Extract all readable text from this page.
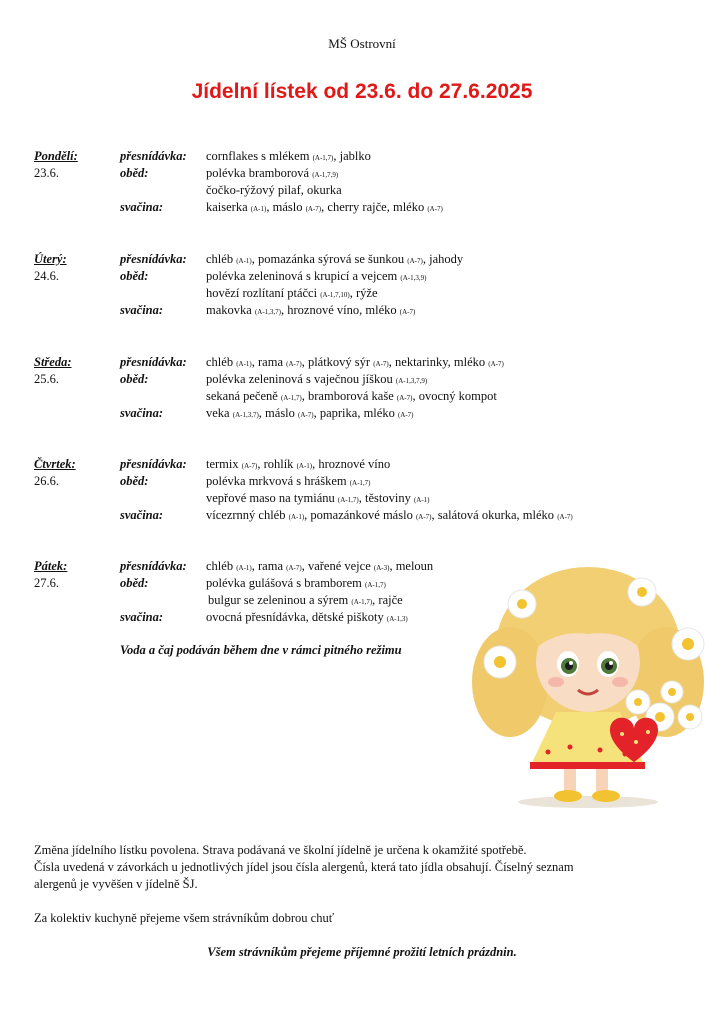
MŠ Ostrovní
Jídelní lístek od 23.6. do 27.6.2025
Pondělí:	přesnídávka: cornflakes s mlékem (A-1,7), jablko
23.6.	oběd:	polévka bramborová (A-1,7,9)
čočko-rýžový pilaf, okurka
svačina:	kaiserka (A-1), máslo (A-7), cherry rajče, mléko (A-7)
Úterý:	přesnídávka: chléb (A-1), pomazánka sýrová se šunkou (A-7), jahody
24.6.	oběd:	polévka zeleninová s krupicí a vejcem (A-1,3,9)
hovězí rozlítaní ptáčci (A-1,7,10), rýže
svačina:	makovka (A-1,3,7), hroznové víno, mléko (A-7)
Středa:	přesnídávka: chléb (A-1), rama (A-7), plátkový sýr (A-7), nektarinky, mléko (A-7)
25.6.	oběd:	polévka zeleninová s vaječnou jíškou (A-1,3,7,9)
sekaná pečeně (A-1,7), bramborová kaše (A-7), ovocný kompot
svačina:	veka (A-1,3,7), máslo (A-7), paprika, mléko (A-7)
Čtvrtek:	přesnídávka: termix (A-7), rohlík (A-1), hroznové víno
26.6.	oběd:	polévka mrkvová s hráškem (A-1,7)
vepřové maso na tymiánu (A-1,7), těstoviny (A-1)
svačina:	vícezrnný chléb (A-1), pomazánkové máslo (A-7), salátová okurka, mléko (A-7)
Pátek:	přesnídávka: chléb (A-1), rama (A-7), vařené vejce (A-3), meloun
27.6.	oběd:	polévka gulášová s bramborem (A-1,7)
bulgur se zeleninou a sýrem (A-1,7), rajče
svačina:	ovocná přesnídávka, dětské piškoty (A-1,3)
Voda a čaj podáván během dne v rámci pitného režimu
Změna jídelního lístku povolena. Strava podávaná ve školní jídelně je určena k okamžité spotřebě.
Čísla uvedená v závorkách u jednotlivých jídel jsou čísla alergenů, která tato jídla obsahují. Číselný seznam
alergenů je vyvěšen v jídelně ŠJ.
Za kolektiv kuchyně přejeme všem strávníkům dobrou chuť
Všem strávníkům přejeme příjemné prožití letních prázdnin.
